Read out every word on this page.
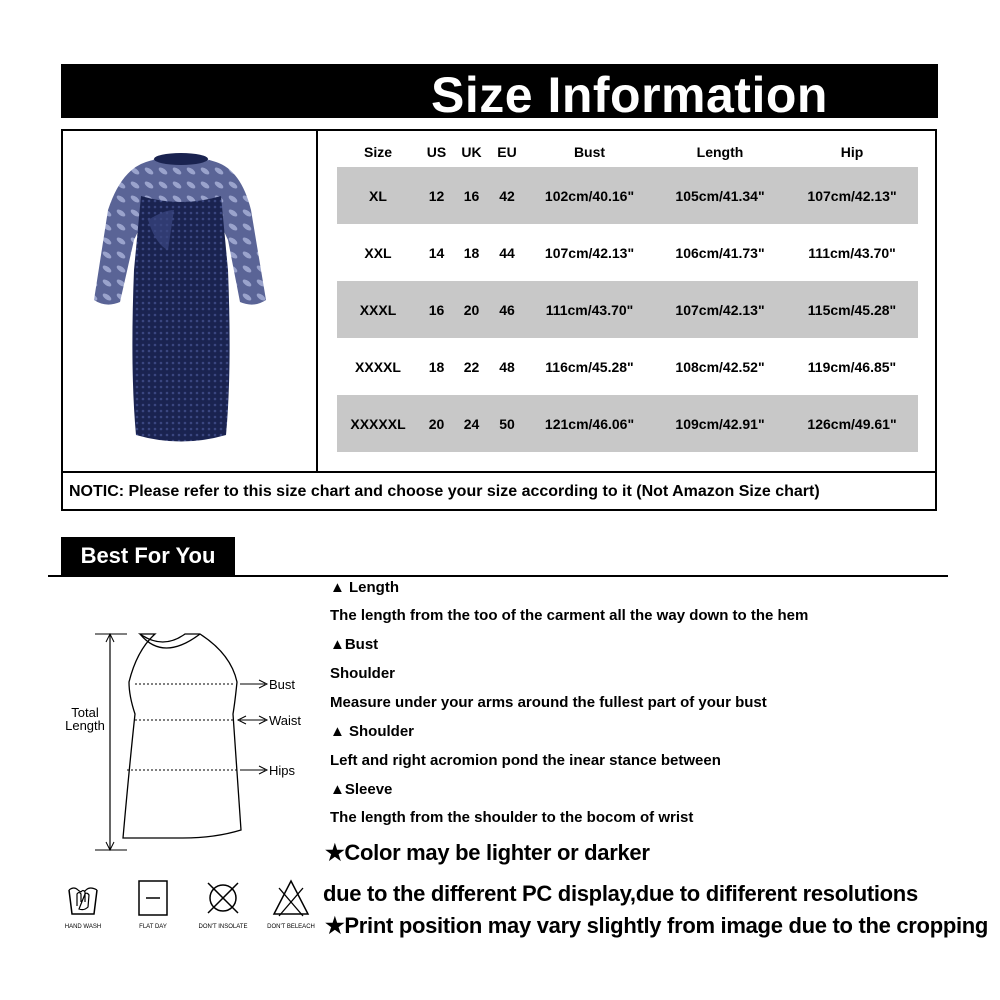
Size Information
Size	US	UK	EU	Bust	Length	Hip
XL	12	16	42	102cm/40.16"	105cm/41.34"	107cm/42.13"
XXL	14	18	44	107cm/42.13"	106cm/41.73"	111cm/43.70"
XXXL	16	20	46	111cm/43.70"	107cm/42.13"	115cm/45.28"
XXXXL	18	22	48	116cm/45.28"	108cm/42.52"	119cm/46.85"
XXXXXL	20	24	50	121cm/46.06"	109cm/42.91"	126cm/49.61"
NOTIC: Please refer to this size chart and choose your size according to it (Not Amazon Size chart)
Best For You
Total
Length
Bust
Waist
Hips
HAND WASH	FLAT DAY	DON'T INSOLATE	DON'T BELEACH
▲ Length
The length from the too of the carment all the way down to the hem
▲Bust
Shoulder
Measure under your arms around the fullest part of your bust
▲ Shoulder
Left and right acromion pond the inear stance between
▲Sleeve
The length from the shoulder to the bocom of wrist
★Color may be lighter or darker
due to the different PC display,due to dififerent resolutions
★Print position may vary slightly from image due to the cropping
